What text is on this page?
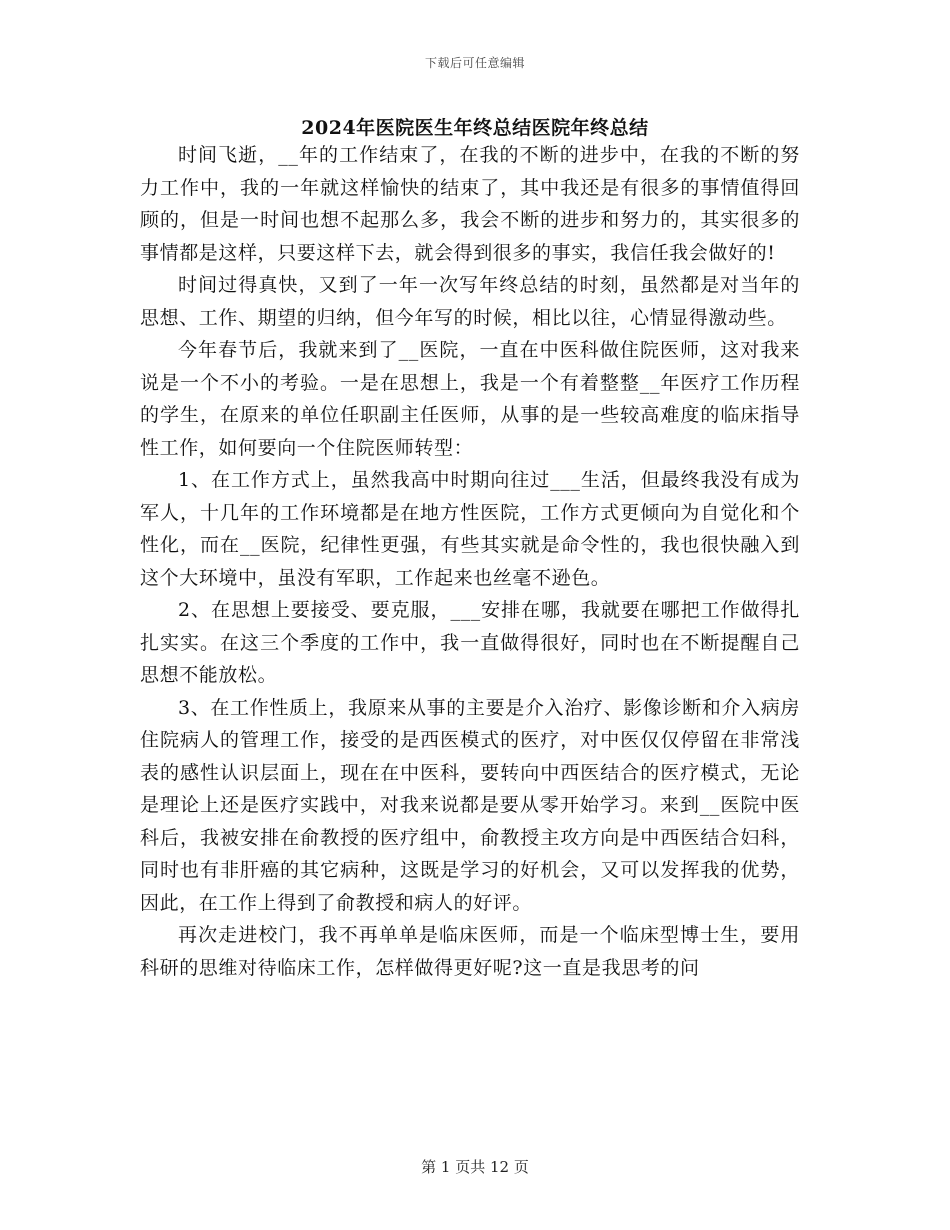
下载后可任意编辑
2024年医院医生年终总结医院年终总结

时间飞逝，__年的工作结束了，在我的不断的进步中，在我的不断的努力工作中，我的一年就这样愉快的结束了，其中我还是有很多的事情值得回顾的，但是一时间也想不起那么多，我会不断的进步和努力的，其实很多的事情都是这样，只要这样下去，就会得到很多的事实，我信任我会做好的!

时间过得真快，又到了一年一次写年终总结的时刻，虽然都是对当年的思想、工作、期望的归纳，但今年写的时候，相比以往，心情显得激动些。

今年春节后，我就来到了__医院，一直在中医科做住院医师，这对我来说是一个不小的考验。一是在思想上，我是一个有着整整__年医疗工作历程的学生，在原来的单位任职副主任医师，从事的是一些较高难度的临床指导性工作，如何要向一个住院医师转型：

1、在工作方式上，虽然我高中时期向往过___生活，但最终我没有成为军人，十几年的工作环境都是在地方性医院，工作方式更倾向为自觉化和个性化，而在__医院，纪律性更强，有些其实就是命令性的，我也很快融入到这个大环境中，虽没有军职，工作起来也丝毫不逊色。

2、在思想上要接受、要克服，___安排在哪，我就要在哪把工作做得扎扎实实。在这三个季度的工作中，我一直做得很好，同时也在不断提醒自己思想不能放松。

3、在工作性质上，我原来从事的主要是介入治疗、影像诊断和介入病房住院病人的管理工作，接受的是西医模式的医疗，对中医仅仅停留在非常浅表的感性认识层面上，现在在中医科，要转向中西医结合的医疗模式，无论是理论上还是医疗实践中，对我来说都是要从零开始学习。来到__医院中医科后，我被安排在俞教授的医疗组中，俞教授主攻方向是中西医结合妇科，同时也有非肝癌的其它病种，这既是学习的好机会，又可以发挥我的优势，因此，在工作上得到了俞教授和病人的好评。

再次走进校门，我不再单单是临床医师，而是一个临床型博士生，要用科研的思维对待临床工作，怎样做得更好呢?这一直是我思考的问

第 1 页共 12 页
